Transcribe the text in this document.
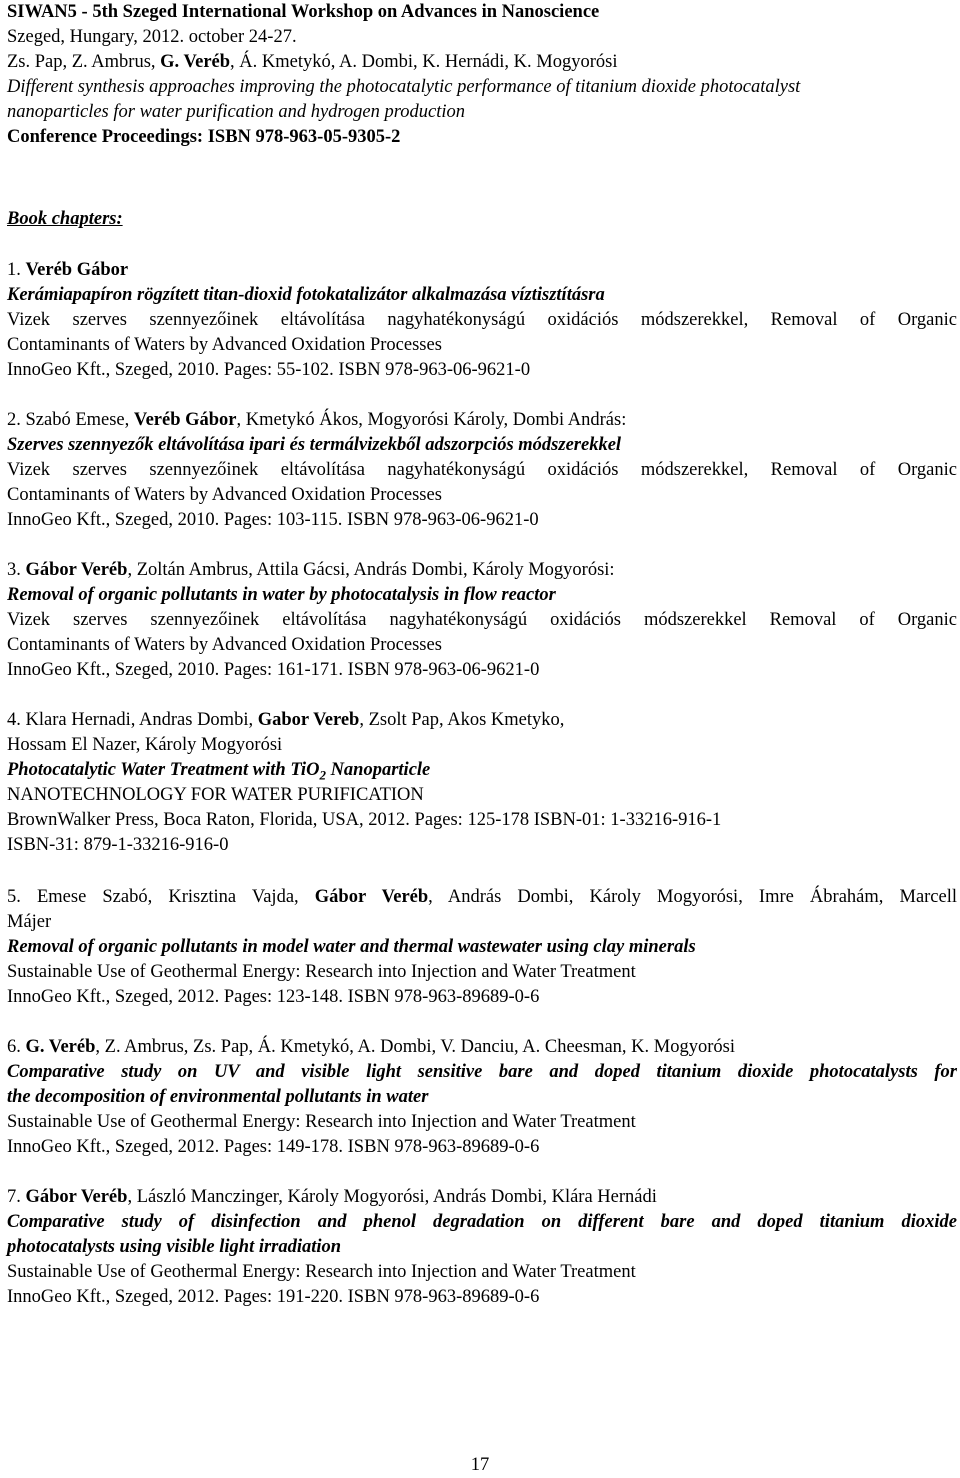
SIWAN5 - 5th Szeged International Workshop on Advances in Nanoscience
Szeged, Hungary, 2012. october 24-27.
Zs. Pap, Z. Ambrus, G. Veréb, Á. Kmetykó, A. Dombi, K. Hernádi, K. Mogyorósi
Different synthesis approaches improving the photocatalytic performance of titanium dioxide photocatalyst
nanoparticles for water purification and hydrogen production
Conference Proceedings: ISBN 978-963-05-9305-2
Book chapters:
1. Veréb Gábor
Kerámiapapíron rögzített titan-dioxid fotokatalizátor alkalmazása víztisztításra
Vizek szerves szennyezőinek eltávolítása nagyhatékonyságú oxidációs módszerekkel, Removal of Organic
Contaminants of Waters by Advanced Oxidation Processes
InnoGeo Kft., Szeged, 2010. Pages: 55-102. ISBN 978-963-06-9621-0
2. Szabó Emese, Veréb Gábor, Kmetykó Ákos, Mogyorósi Károly, Dombi András:
Szerves szennyezők eltávolítása ipari és termálvizekből adszorpciós módszerekkel
Vizek szerves szennyezőinek eltávolítása nagyhatékonyságú oxidációs módszerekkel, Removal of Organic
Contaminants of Waters by Advanced Oxidation Processes
InnoGeo Kft., Szeged, 2010. Pages: 103-115. ISBN 978-963-06-9621-0
3. Gábor Veréb, Zoltán Ambrus, Attila Gácsi, András Dombi, Károly Mogyorósi:
Removal of organic pollutants in water by photocatalysis in flow reactor
Vizek szerves szennyezőinek eltávolítása nagyhatékonyságú oxidációs módszerekkel Removal of Organic
Contaminants of Waters by Advanced Oxidation Processes
InnoGeo Kft., Szeged, 2010. Pages: 161-171. ISBN 978-963-06-9621-0
4. Klara Hernadi, Andras Dombi, Gabor Vereb, Zsolt Pap, Akos Kmetyko,
Hossam El Nazer, Károly Mogyorósi
Photocatalytic Water Treatment with TiO$_2$ Nanoparticle
NANOTECHNOLOGY FOR WATER PURIFICATION
BrownWalker Press, Boca Raton, Florida, USA, 2012. Pages: 125-178 ISBN-01: 1-33216-916-1
ISBN-31: 879-1-33216-916-0
5. Emese Szabó, Krisztina Vajda, Gábor Veréb, András Dombi, Károly Mogyorósi, Imre Ábrahám, Marcell
Májer
Removal of organic pollutants in model water and thermal wastewater using clay minerals
Sustainable Use of Geothermal Energy: Research into Injection and Water Treatment
InnoGeo Kft., Szeged, 2012. Pages: 123-148. ISBN 978-963-89689-0-6
6. G. Veréb, Z. Ambrus, Zs. Pap, Á. Kmetykó, A. Dombi, V. Danciu, A. Cheesman, K. Mogyorósi
Comparative study on UV and visible light sensitive bare and doped titanium dioxide photocatalysts for
the decomposition of environmental pollutants in water
Sustainable Use of Geothermal Energy: Research into Injection and Water Treatment
InnoGeo Kft., Szeged, 2012. Pages: 149-178. ISBN 978-963-89689-0-6
7. Gábor Veréb, László Manczinger, Károly Mogyorósi, András Dombi, Klára Hernádi
Comparative study of disinfection and phenol degradation on different bare and doped titanium dioxide
photocatalysts using visible light irradiation
Sustainable Use of Geothermal Energy: Research into Injection and Water Treatment
InnoGeo Kft., Szeged, 2012. Pages: 191-220. ISBN 978-963-89689-0-6
17
